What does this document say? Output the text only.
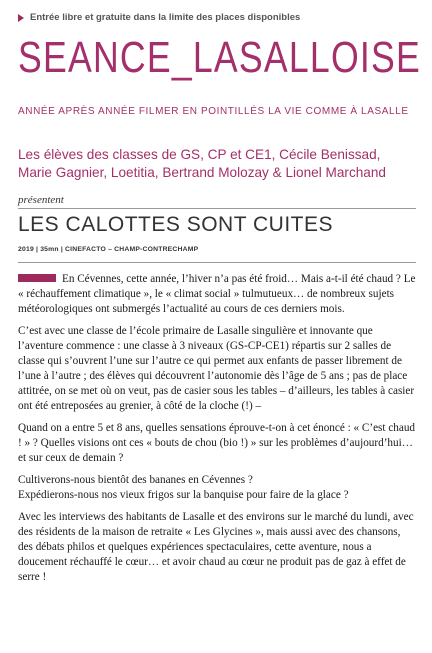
Entrée libre et gratuite dans la limite des places disponibles
SEANCE_LASALLOISE
ANNÉE APRÈS ANNÉE FILMER EN POINTILLÉS LA VIE COMME À LASALLE
Les élèves des classes de GS, CP et CE1, Cécile Benissad, Marie Gagnier, Loetitia, Bertrand Molozay & Lionel Marchand
présentent
LES CALOTTES SONT CUITES
2019 | 35mn | CINEFACTO – CHAMP-CONTRECHAMP

En Cévennes, cette année, l’hiver n’a pas été froid… Mais a-t-il été chaud ? Le « réchauffement climatique », le « climat social » tulmutueux… de nombreux sujets météorologiques ont submergés l’actualité au cours de ces derniers mois.

C’est avec une classe de l’école primaire de Lasalle singulière et innovante que l’aventure commence : une classe à 3 niveaux (GS-CP-CE1) répartis sur 2 salles de classe qui s’ouvrent l’une sur l’autre ce qui permet aux enfants de passer librement de l’une à l’autre ; des élèves qui découvrent l’autonomie dès l’âge de 5 ans ; pas de place attitrée, on se met où on veut, pas de casier sous les tables – d’ailleurs, les tables à casier ont été entreposées au grenier, à côté de la cloche (!) –

Quand on a entre 5 et 8 ans, quelles sensations éprouve-t-on à cet énoncé : « C’est chaud ! » ? Quelles visions ont ces « bouts de chou (bio !) » sur les problèmes d’aujourd’hui… et sur ceux de demain ?

Cultiverons-nous bientôt des bananes en Cévennes ?
Expédierons-nous nos vieux frigos sur la banquise pour faire de la glace ?

Avec les interviews des habitants de Lasalle et des environs sur le marché du lundi, avec des résidents de la maison de retraite « Les Glycines », mais aussi avec des chansons, des débats philos et quelques expériences spectaculaires, cette aventure, nous a doucement réchauffé le cœur… et avoir chaud au cœur ne produit pas de gaz à effet de serre !
